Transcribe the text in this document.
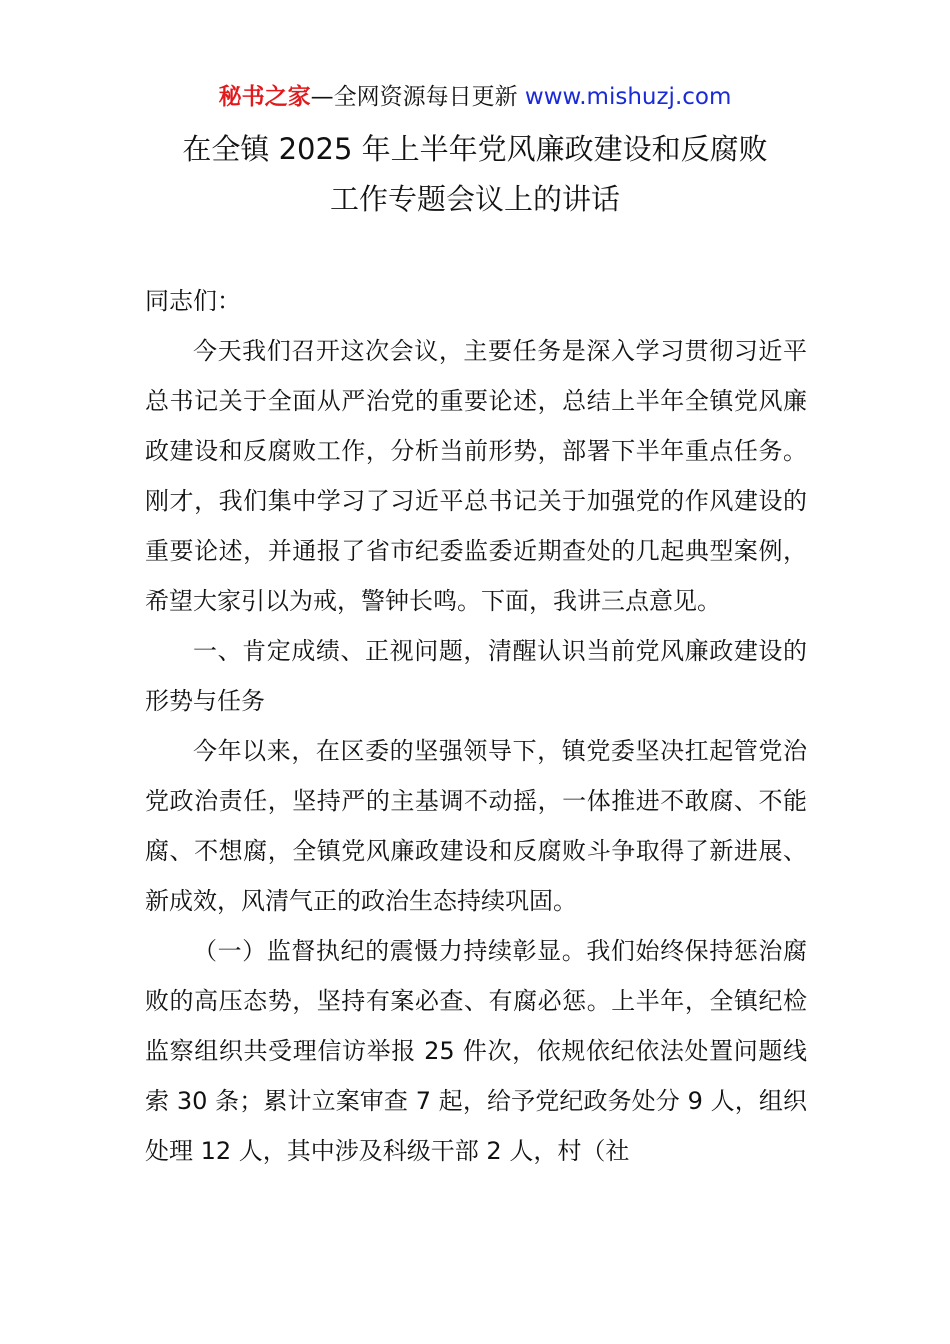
秘书之家—全网资源每日更新 www.mishuzj.com
在全镇 2025 年上半年党风廉政建设和反腐败
工作专题会议上的讲话

同志们：

今天我们召开这次会议，主要任务是深入学习贯彻习近平总书记关于全面从严治党的重要论述，总结上半年全镇党风廉政建设和反腐败工作，分析当前形势，部署下半年重点任务。刚才，我们集中学习了习近平总书记关于加强党的作风建设的重要论述，并通报了省市纪委监委近期查处的几起典型案例，希望大家引以为戒，警钟长鸣。下面，我讲三点意见。

一、肯定成绩、正视问题，清醒认识当前党风廉政建设的形势与任务

今年以来，在区委的坚强领导下，镇党委坚决扛起管党治党政治责任，坚持严的主基调不动摇，一体推进不敢腐、不能腐、不想腐，全镇党风廉政建设和反腐败斗争取得了新进展、新成效，风清气正的政治生态持续巩固。

（一）监督执纪的震慑力持续彰显。我们始终保持惩治腐败的高压态势，坚持有案必查、有腐必惩。上半年，全镇纪检监察组织共受理信访举报 25 件次，依规依纪依法处置问题线索 30 条；累计立案审查 7 起，给予党纪政务处分 9 人，组织处理 12 人，其中涉及科级干部 2 人，村（社
